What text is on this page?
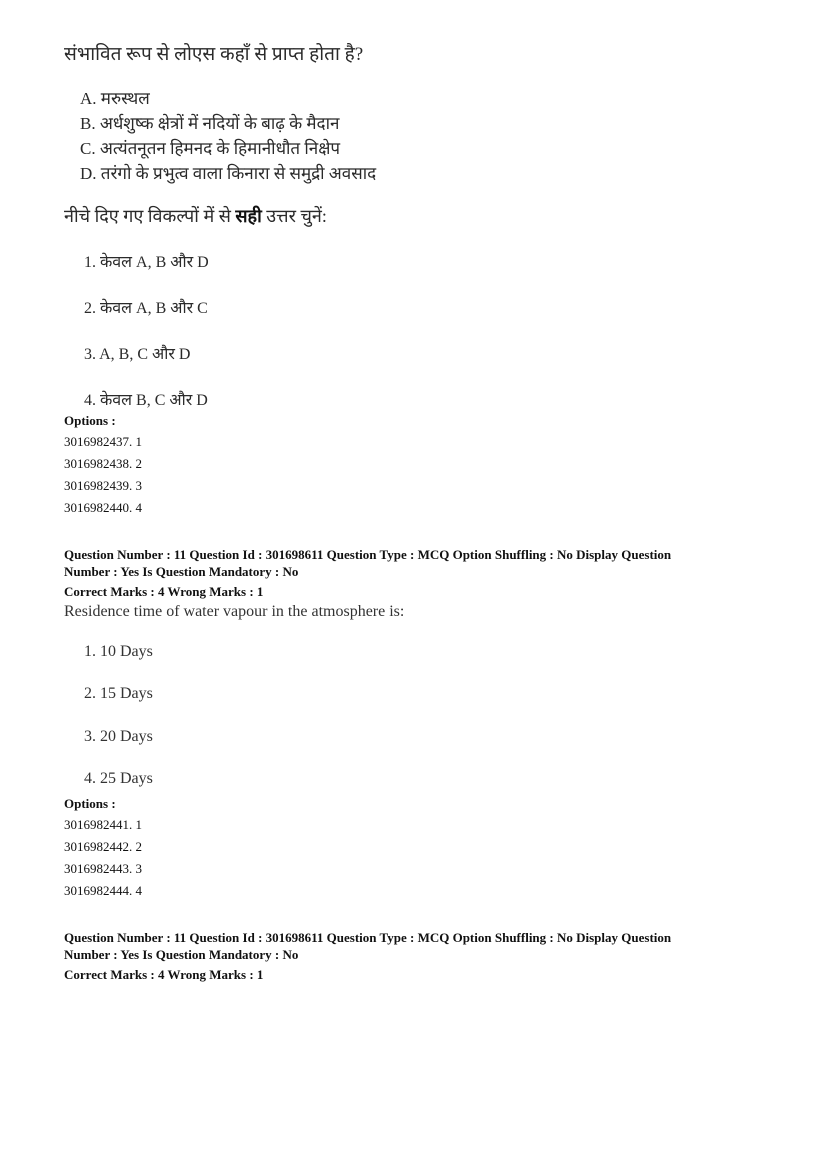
संभावित रूप से लोएस कहाँ से प्राप्त होता है?
A. मरुस्थल
B. अर्धशुष्क क्षेत्रों में नदियों के बाढ़ के मैदान
C. अत्यंतनूतन हिमनद के हिमानीधौत निक्षेप
D. तरंगो के प्रभुत्व वाला किनारा से समुद्री अवसाद
नीचे दिए गए विकल्पों में से सही उत्तर चुनें:
1. केवल A, B और D
2. केवल A, B और C
3. A, B, C और D
4. केवल B, C और D
Options :
3016982437. 1
3016982438. 2
3016982439. 3
3016982440. 4
Question Number : 11 Question Id : 301698611 Question Type : MCQ Option Shuffling : No Display Question
Number : Yes Is Question Mandatory : No
Correct Marks : 4 Wrong Marks : 1
Residence time of water vapour in the atmosphere is:
1. 10 Days
2. 15 Days
3. 20 Days
4. 25 Days
Options :
3016982441. 1
3016982442. 2
3016982443. 3
3016982444. 4
Question Number : 11 Question Id : 301698611 Question Type : MCQ Option Shuffling : No Display Question
Number : Yes Is Question Mandatory : No
Correct Marks : 4 Wrong Marks : 1
